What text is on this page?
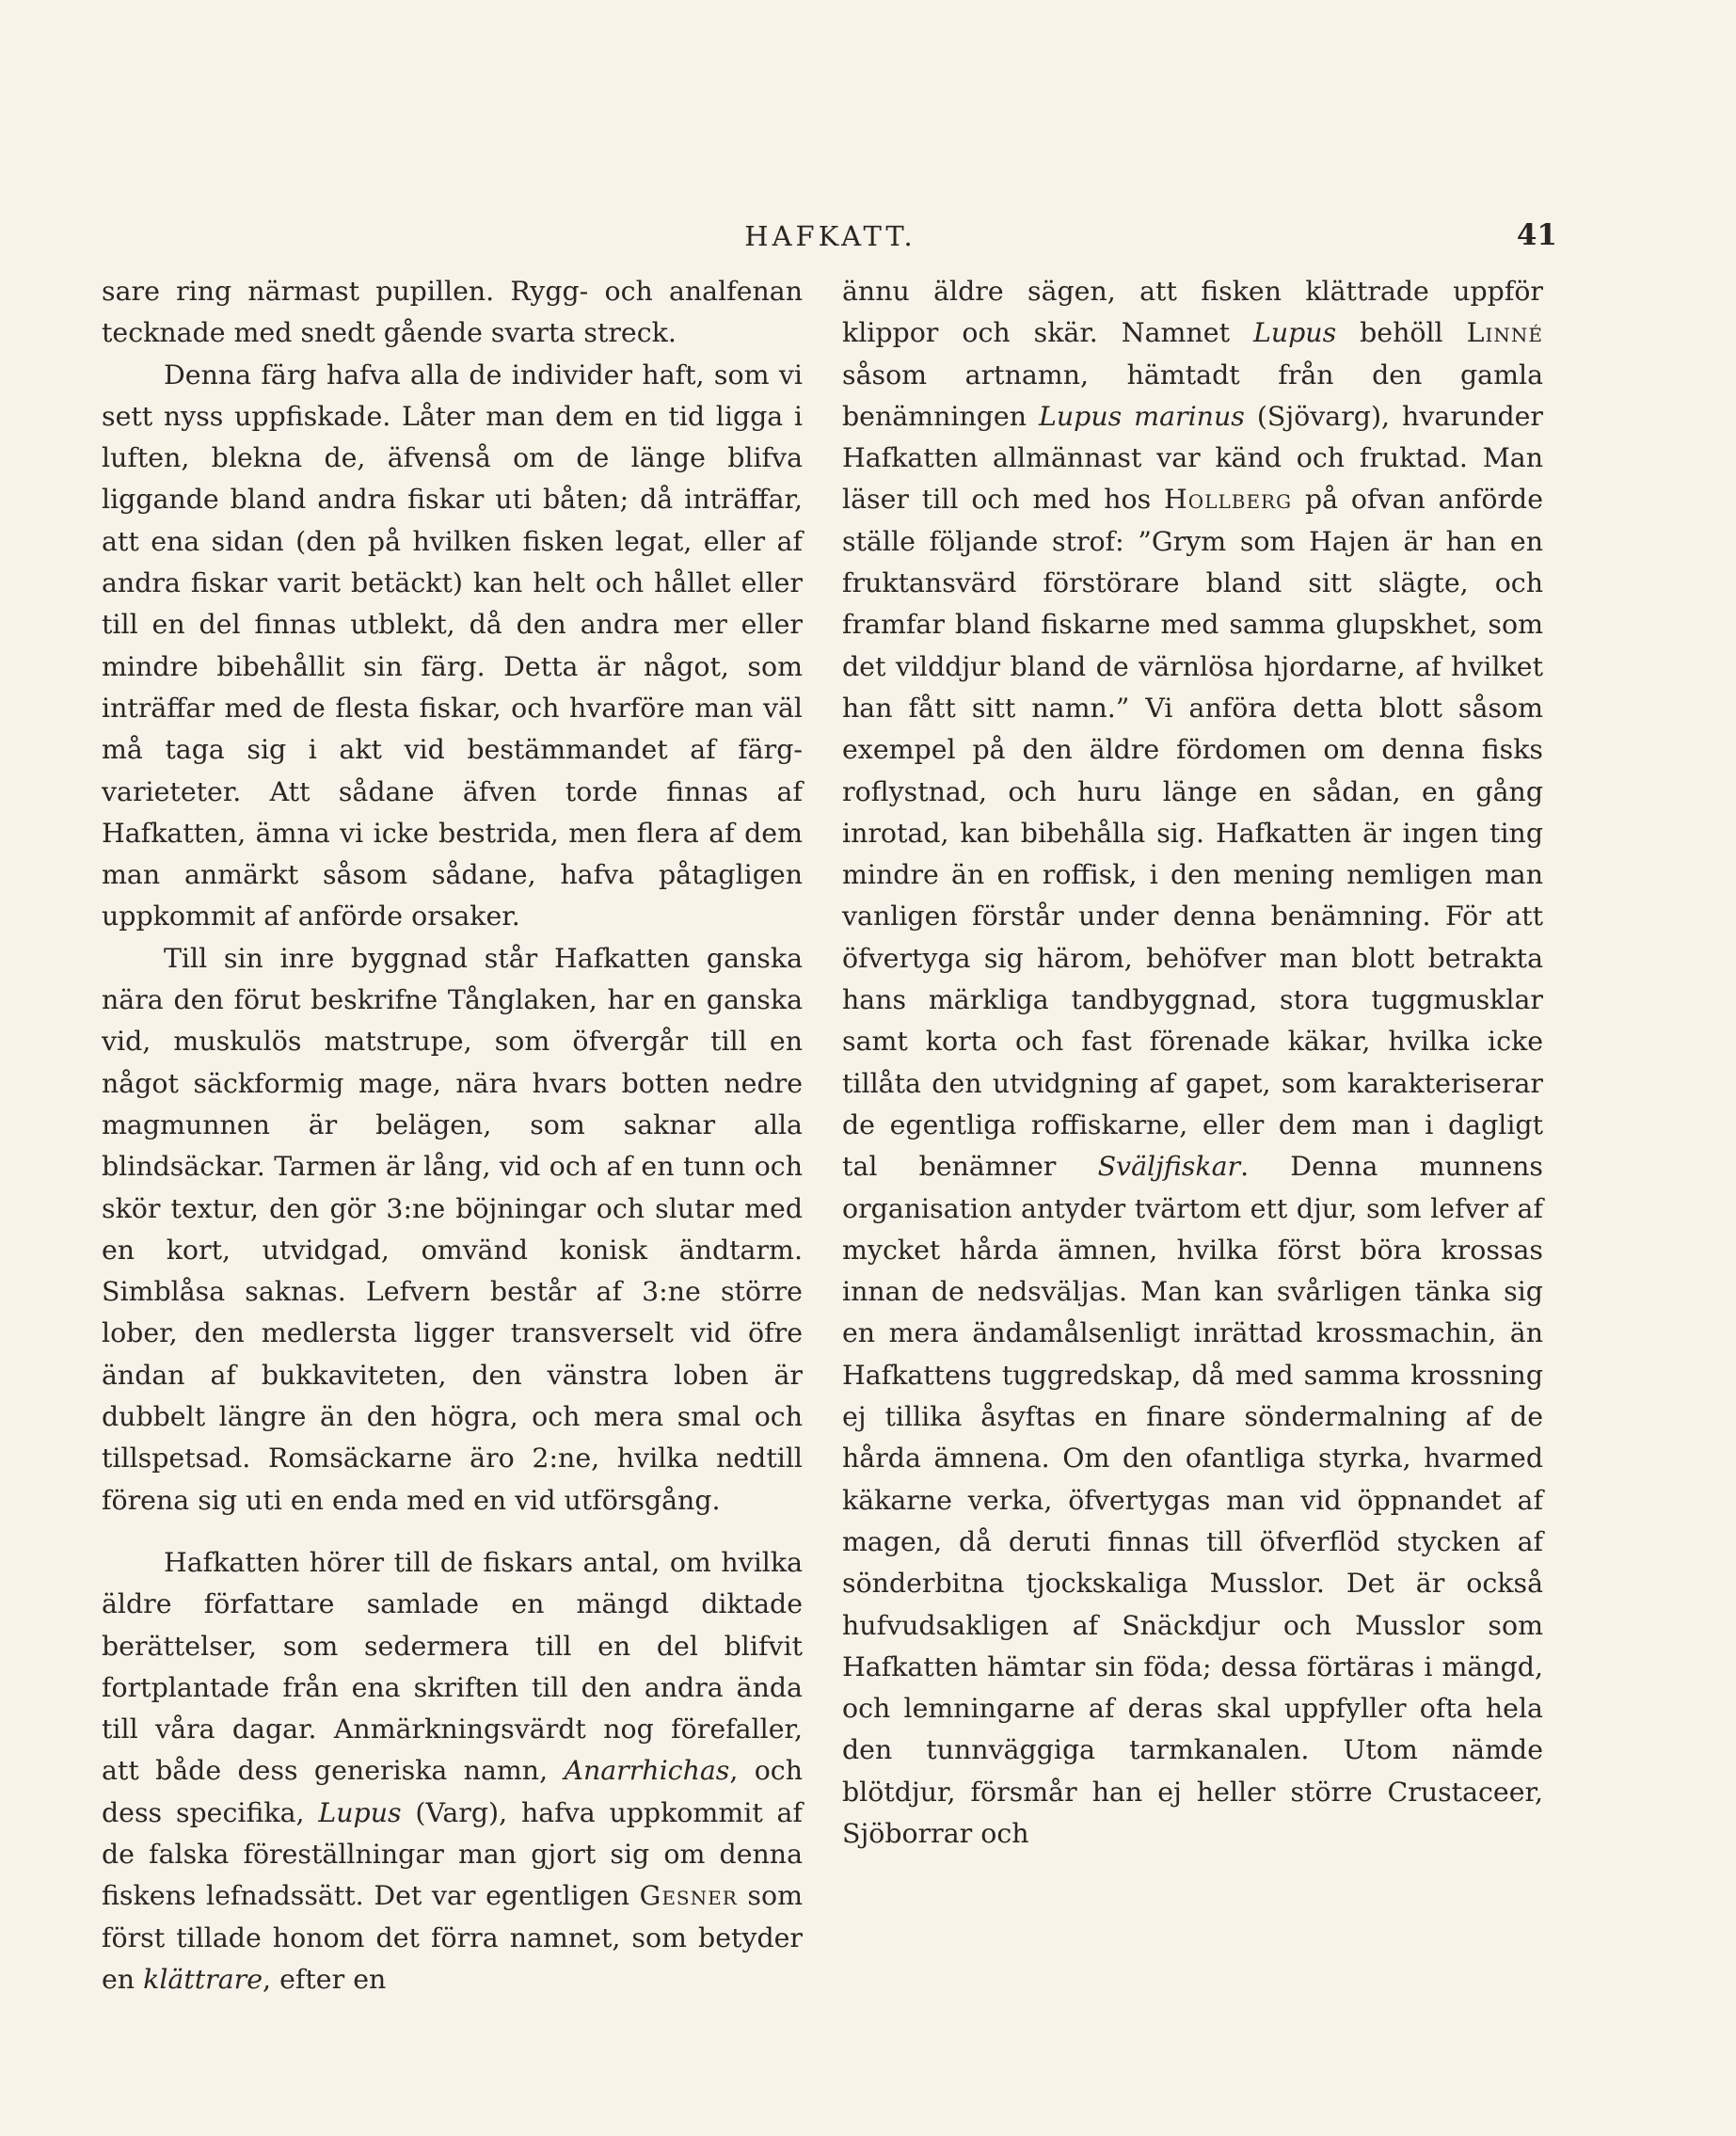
HAFKATT.	41

sare ring närmast pupillen. Rygg- och analfenan tecknade med snedt gående svarta streck.

Denna färg hafva alla de individer haft, som vi sett nyss uppfiskade. Låter man dem en tid ligga i luften, blekna de, äfvenså om de länge blifva liggande bland andra fiskar uti båten; då inträffar, att ena sidan (den på hvilken fisken legat, eller af andra fiskar varit betäckt) kan helt och hållet eller till en del finnas utblekt, då den andra mer eller mindre bibehållit sin färg. Detta är något, som inträffar med de flesta fiskar, och hvarföre man väl må taga sig i akt vid bestämmandet af färg-varieteter. Att sådane äfven torde finnas af Hafkatten, ämna vi icke bestrida, men flera af dem man anmärkt såsom sådane, hafva påtagligen uppkommit af anförde orsaker.

Till sin inre byggnad står Hafkatten ganska nära den förut beskrifne Tånglaken, har en ganska vid, muskulös matstrupe, som öfvergår till en något säckformig mage, nära hvars botten nedre magmunnen är belägen, som saknar alla blindsäckar. Tarmen är lång, vid och af en tunn och skör textur, den gör 3:ne böjningar och slutar med en kort, utvidgad, omvänd konisk ändtarm. Simblåsa saknas. Lefvern består af 3:ne större lober, den medlersta ligger transverselt vid öfre ändan af bukkaviteten, den vänstra loben är dubbelt längre än den högra, och mera smal och tillspetsad. Romsäckarne äro 2:ne, hvilka nedtill förena sig uti en enda med en vid utförsgång.

Hafkatten hörer till de fiskars antal, om hvilka äldre författare samlade en mängd diktade berättelser, som sedermera till en del blifvit fortplantade från ena skriften till den andra ända till våra dagar. Anmärkningsvärdt nog förefaller, att både dess generiska namn, Anarrhichas, och dess specifika, Lupus (Varg), hafva uppkommit af de falska föreställningar man gjort sig om denna fiskens lefnadssätt. Det var egentligen Gesner som först tillade honom det förra namnet, som betyder en klättrare, efter en

ännu äldre sägen, att fisken klättrade uppför klippor och skär. Namnet Lupus behöll Linné såsom artnamn, hämtadt från den gamla benämningen Lupus marinus (Sjövarg), hvarunder Hafkatten allmännast var känd och fruktad. Man läser till och med hos Hollberg på ofvan anförde ställe följande strof: ”Grym som Hajen är han en fruktansvärd förstörare bland sitt slägte, och framfar bland fiskarne med samma glupskhet, som det vilddjur bland de värnlösa hjordarne, af hvilket han fått sitt namn.” Vi anföra detta blott såsom exempel på den äldre fördomen om denna fisks roflystnad, och huru länge en sådan, en gång inrotad, kan bibehålla sig. Hafkatten är ingen ting mindre än en roffisk, i den mening nemligen man vanligen förstår under denna benämning. För att öfvertyga sig härom, behöfver man blott betrakta hans märkliga tandbyggnad, stora tuggmusklar samt korta och fast förenade käkar, hvilka icke tillåta den utvidgning af gapet, som karakteriserar de egentliga roffiskarne, eller dem man i dagligt tal benämner Sväljfiskar. Denna munnens organisation antyder tvärtom ett djur, som lefver af mycket hårda ämnen, hvilka först böra krossas innan de nedsväljas. Man kan svårligen tänka sig en mera ändamålsenligt inrättad krossmachin, än Hafkattens tuggredskap, då med samma krossning ej tillika åsyftas en finare söndermalning af de hårda ämnena. Om den ofantliga styrka, hvarmed käkarne verka, öfvertygas man vid öppnandet af magen, då deruti finnas till öfverflöd stycken af sönderbitna tjockskaliga Musslor. Det är också hufvudsakligen af Snäckdjur och Musslor som Hafkatten hämtar sin föda; dessa förtäras i mängd, och lemningarne af deras skal uppfyller ofta hela den tunnväggiga tarmkanalen. Utom nämde blötdjur, försmår han ej heller större Crustaceer, Sjöborrar och
